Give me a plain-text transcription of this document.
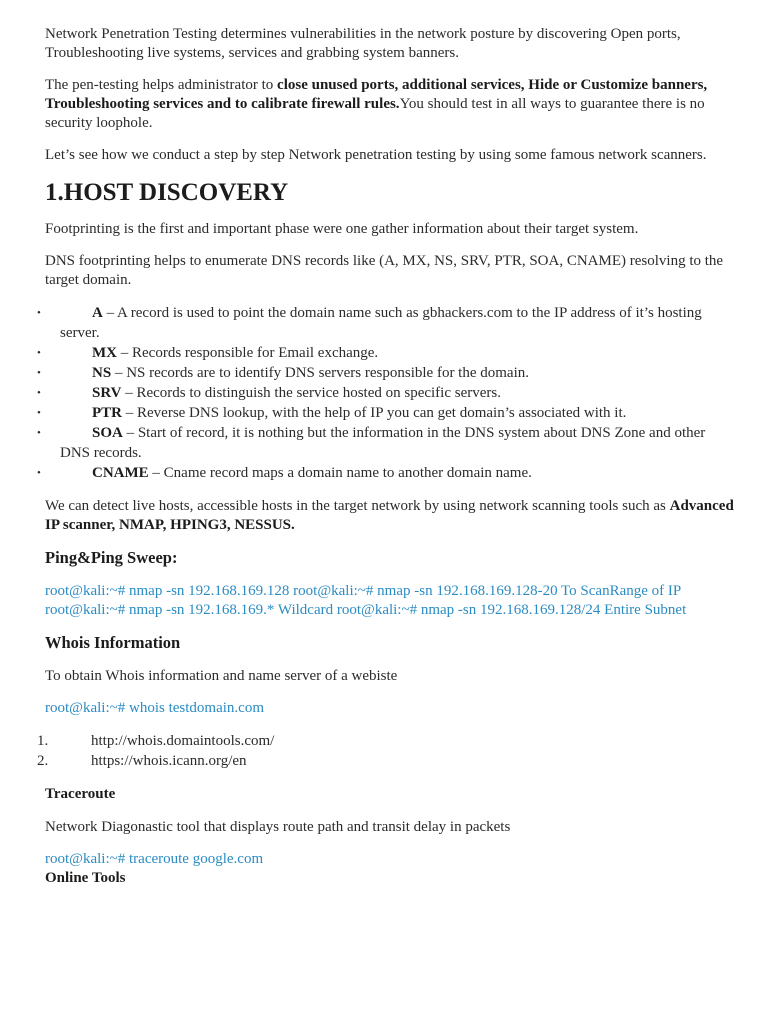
Network Penetration Testing determines vulnerabilities in the network posture by discovering Open ports, Troubleshooting live systems, services and grabbing system banners.

The pen-testing helps administrator to close unused ports, additional services, Hide or Customize banners, Troubleshooting services and to calibrate firewall rules.You should test in all ways to guarantee there is no security loophole.

Let’s see how we conduct a step by step Network penetration testing by using some famous network scanners.

1.HOST DISCOVERY

Footprinting is the first and important phase were one gather information about their target system.

DNS footprinting helps to enumerate DNS records like (A, MX, NS, SRV, PTR, SOA, CNAME) resolving to the target domain.

•	A – A record is used to point the domain name such as gbhackers.com to the IP address of it’s hosting server.
•	MX – Records responsible for Email exchange.
•	NS – NS records are to identify DNS servers responsible for the domain.
•	SRV – Records to distinguish the service hosted on specific servers.
•	PTR – Reverse DNS lookup, with the help of IP you can get domain’s associated with it.
•	SOA – Start of record, it is nothing but the information in the DNS system about DNS Zone and other DNS records.
•	CNAME – Cname record maps a domain name to another domain name.

We can detect live hosts, accessible hosts in the target network by using network scanning tools such as Advanced IP scanner, NMAP, HPING3, NESSUS.

Ping&Ping Sweep:

root@kali:~# nmap -sn 192.168.169.128 root@kali:~# nmap -sn 192.168.169.128-20 To ScanRange of IP root@kali:~# nmap -sn 192.168.169.* Wildcard root@kali:~# nmap -sn 192.168.169.128/24 Entire Subnet

Whois Information

To obtain Whois information and name server of a webiste

root@kali:~# whois testdomain.com

1.	http://whois.domaintools.com/
2.	https://whois.icann.org/en
Traceroute

Network Diagonastic tool that displays route path and transit delay in packets

root@kali:~# traceroute google.com

Online Tools
